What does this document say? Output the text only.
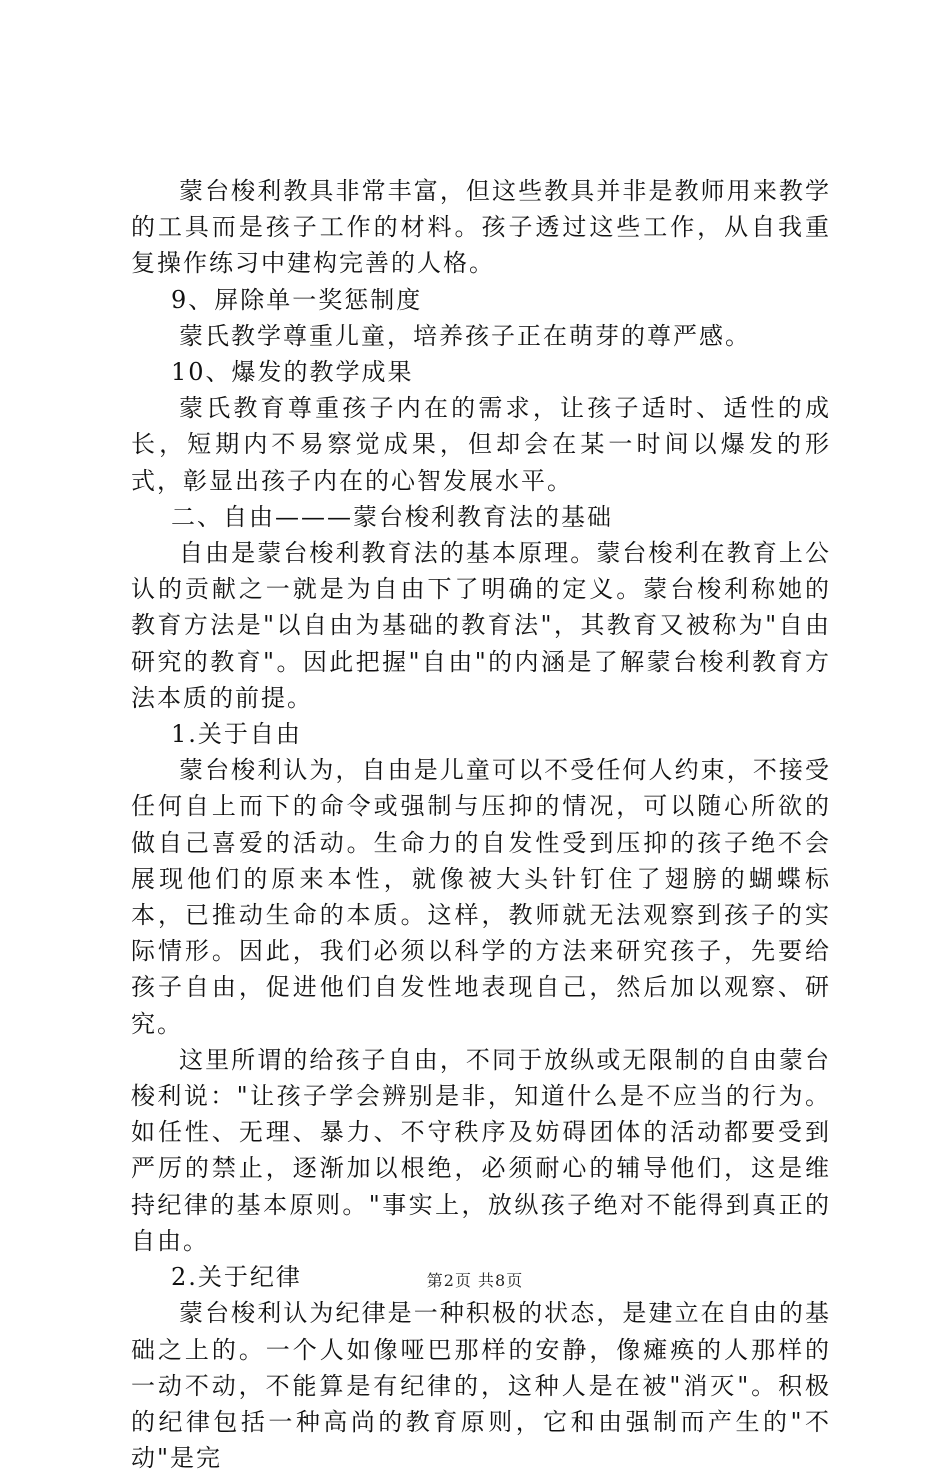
蒙台梭利教具非常丰富，但这些教具并非是教师用来教学的工具而是孩子工作的材料。孩子透过这些工作，从自我重复操作练习中建构完善的人格。

9、屏除单一奖惩制度

蒙氏教学尊重儿童，培养孩子正在萌芽的尊严感。

10、爆发的教学成果

蒙氏教育尊重孩子内在的需求，让孩子适时、适性的成长，短期内不易察觉成果，但却会在某一时间以爆发的形式，彰显出孩子内在的心智发展水平。

二、自由———蒙台梭利教育法的基础

自由是蒙台梭利教育法的基本原理。蒙台梭利在教育上公认的贡献之一就是为自由下了明确的定义。蒙台梭利称她的教育方法是"以自由为基础的教育法"，其教育又被称为"自由研究的教育"。因此把握"自由"的内涵是了解蒙台梭利教育方法本质的前提。

1.关于自由

蒙台梭利认为，自由是儿童可以不受任何人约束，不接受任何自上而下的命令或强制与压抑的情况，可以随心所欲的做自己喜爱的活动。生命力的自发性受到压抑的孩子绝不会展现他们的原来本性，就像被大头针钉住了翅膀的蝴蝶标本，已推动生命的本质。这样，教师就无法观察到孩子的实际情形。因此，我们必须以科学的方法来研究孩子，先要给孩子自由，促进他们自发性地表现自己，然后加以观察、研究。

这里所谓的给孩子自由，不同于放纵或无限制的自由蒙台梭利说："让孩子学会辨别是非，知道什么是不应当的行为。如任性、无理、暴力、不守秩序及妨碍团体的活动都要受到严厉的禁止，逐渐加以根绝，必须耐心的辅导他们，这是维持纪律的基本原则。"事实上，放纵孩子绝对不能得到真正的自由。

2.关于纪律

蒙台梭利认为纪律是一种积极的状态，是建立在自由的基础之上的。一个人如像哑巴那样的安静，像瘫痪的人那样的一动不动，不能算是有纪律的，这种人是在被"消灭"。积极的纪律包括一种高尚的教育原则，它和由强制而产生的"不动"是完

第2页 共8页
